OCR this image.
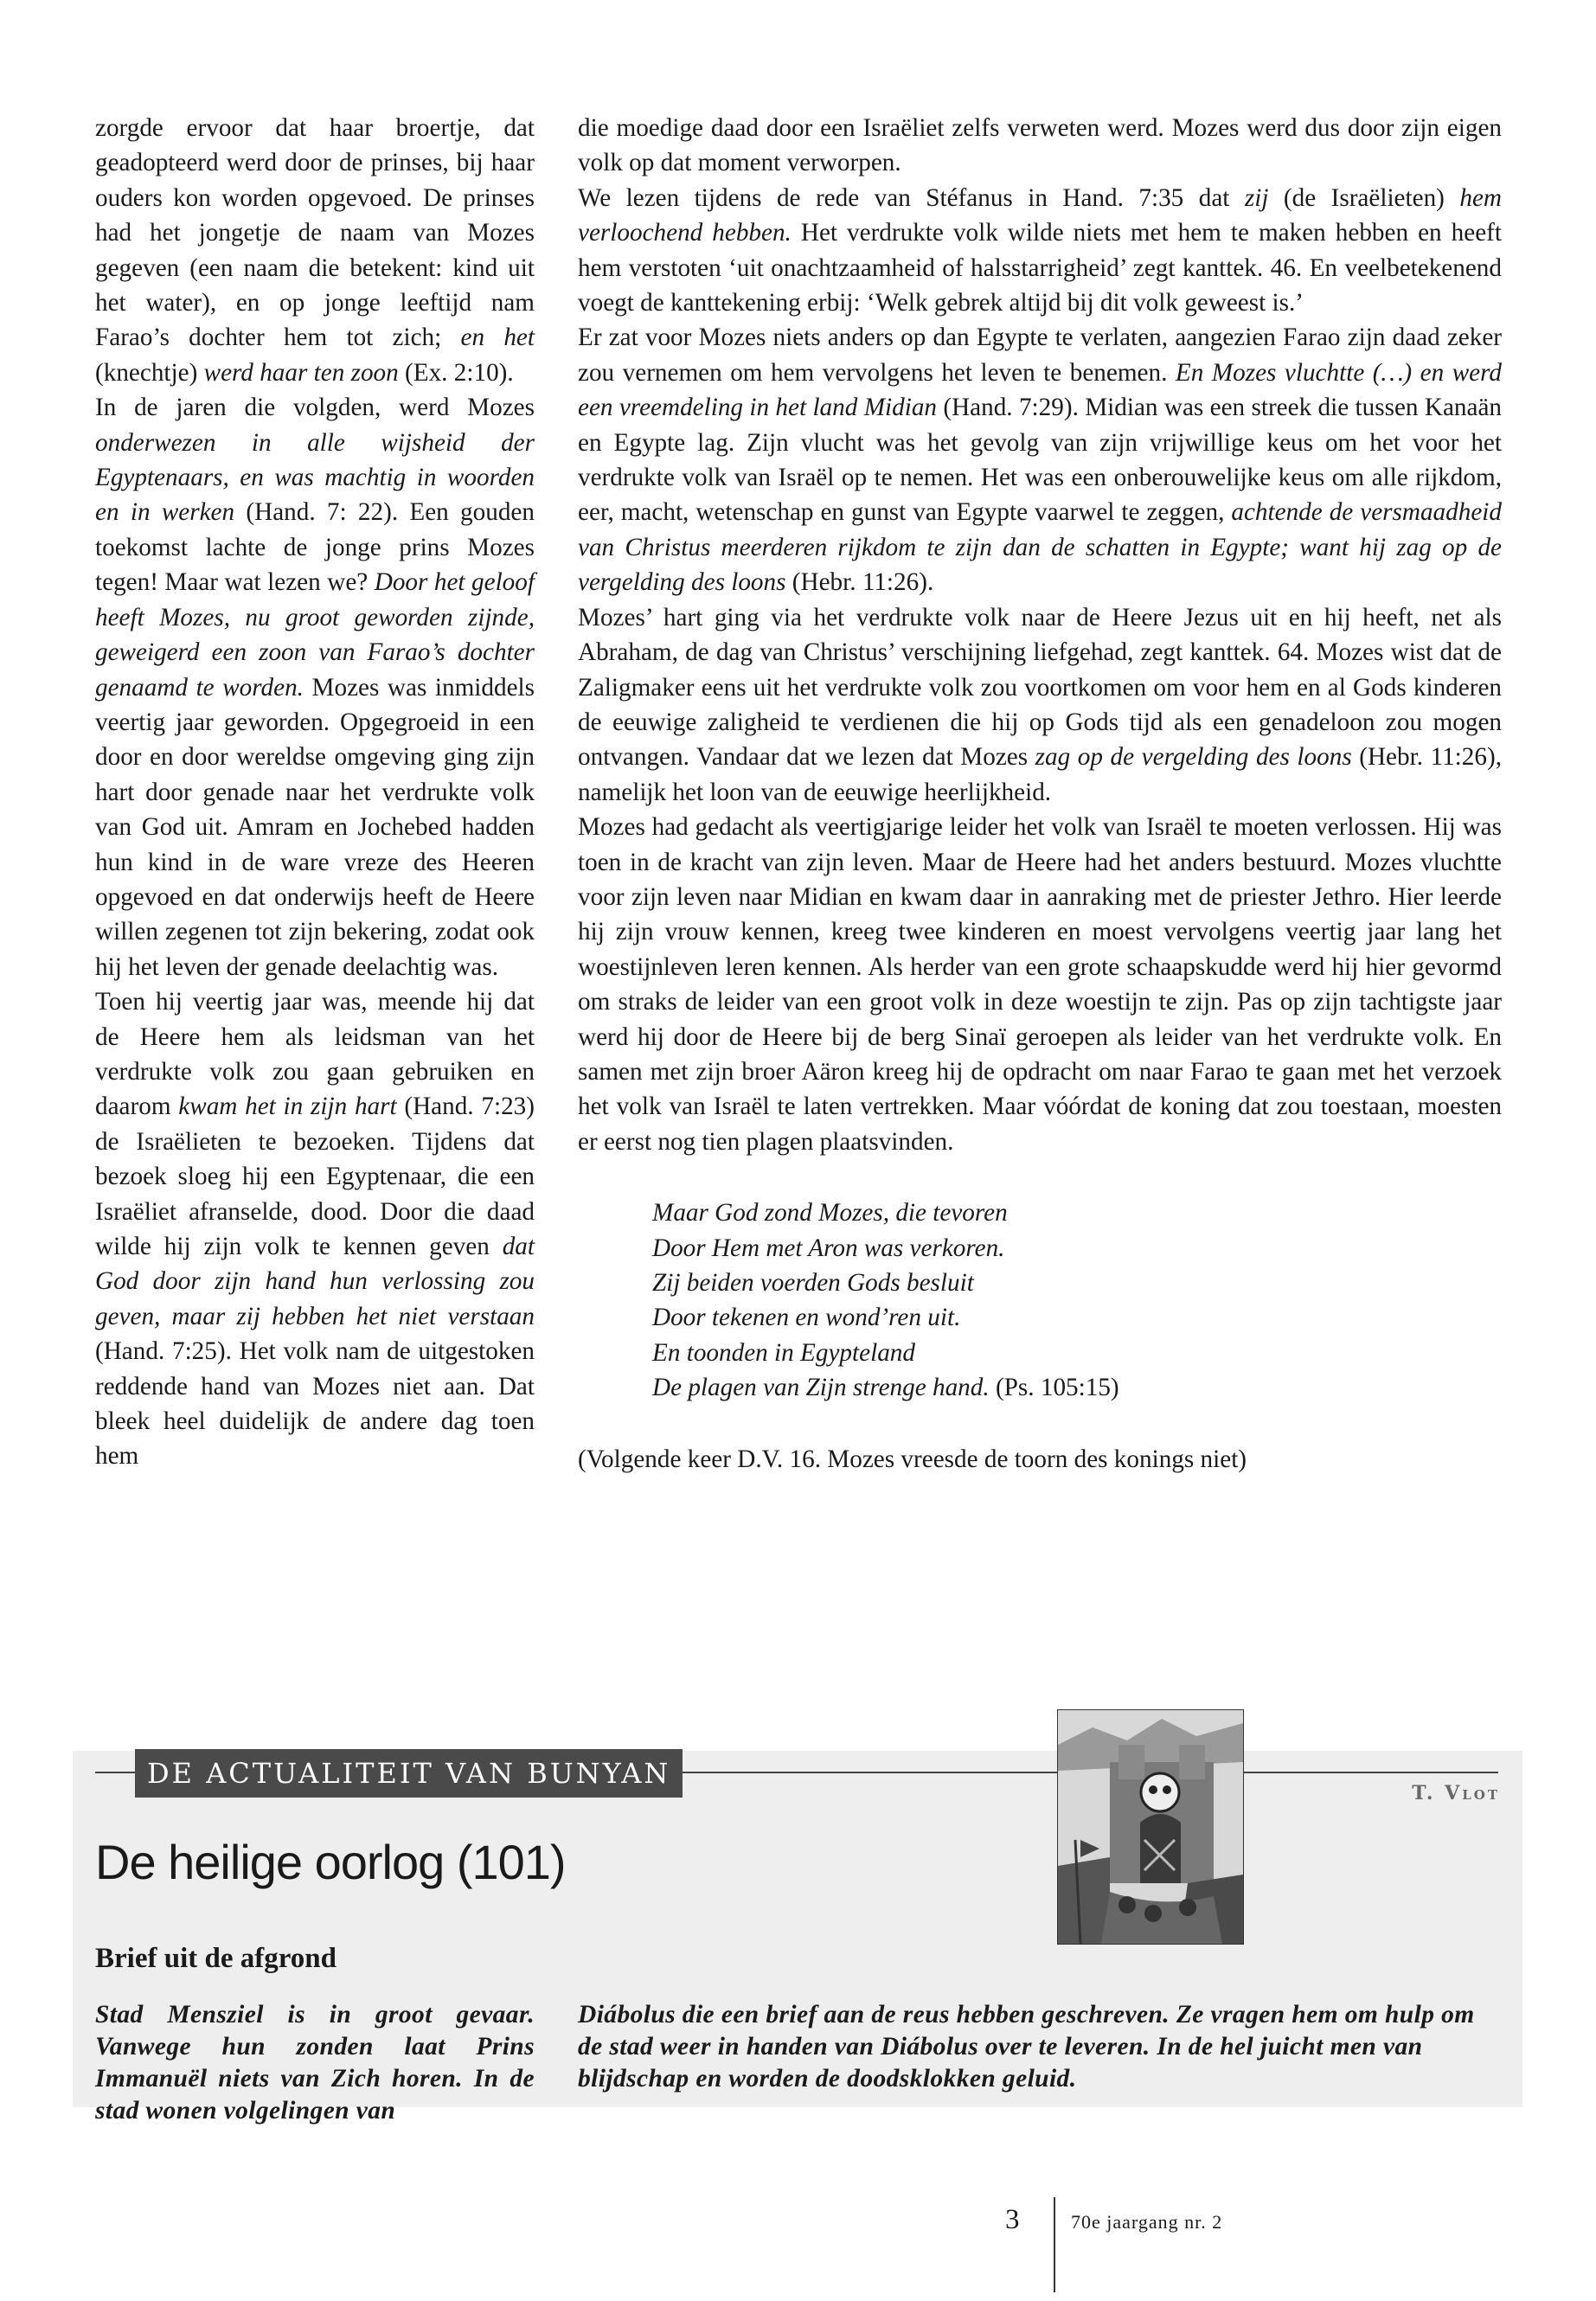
zorgde ervoor dat haar broertje, dat geadopteerd werd door de prinses, bij haar ouders kon worden opgevoed. De prinses had het jongetje de naam van Mozes gegeven (een naam die betekent: kind uit het water), en op jonge leeftijd nam Farao’s dochter hem tot zich; en het (knechtje) werd haar ten zoon (Ex. 2:10).

In de jaren die volgden, werd Mozes onderwezen in alle wijsheid der Egyptenaars, en was machtig in woorden en in werken (Hand. 7: 22). Een gouden toekomst lachte de jonge prins Mozes tegen! Maar wat lezen we? Door het geloof heeft Mozes, nu groot geworden zijnde, geweigerd een zoon van Farao’s dochter genaamd te worden. Mozes was inmiddels veertig jaar geworden. Opgegroeid in een door en door wereldse omgeving ging zijn hart door genade naar het verdrukte volk van God uit. Amram en Jochebed hadden hun kind in de ware vreze des Heeren opgevoed en dat onderwijs heeft de Heere willen zegenen tot zijn bekering, zodat ook hij het leven der genade deelachtig was.

Toen hij veertig jaar was, meende hij dat de Heere hem als leidsman van het verdrukte volk zou gaan gebruiken en daarom kwam het in zijn hart (Hand. 7:23) de Israëlieten te bezoeken. Tijdens dat bezoek sloeg hij een Egyptenaar, die een Israëliet afranselde, dood. Door die daad wilde hij zijn volk te kennen geven dat God door zijn hand hun verlossing zou geven, maar zij hebben het niet verstaan (Hand. 7:25). Het volk nam de uitgestoken reddende hand van Mozes niet aan. Dat bleek heel duidelijk de andere dag toen hem

die moedige daad door een Israëliet zelfs verweten werd. Mozes werd dus door zijn eigen volk op dat moment verworpen.

We lezen tijdens de rede van Stéfanus in Hand. 7:35 dat zij (de Israëlieten) hem verloochend hebben. Het verdrukte volk wilde niets met hem te maken hebben en heeft hem verstoten ‘uit onachtzaamheid of halsstarrigheid’ zegt kanttek. 46. En veelbetekenend voegt de kanttekening erbij: ‘Welk gebrek altijd bij dit volk geweest is.’

Er zat voor Mozes niets anders op dan Egypte te verlaten, aangezien Farao zijn daad zeker zou vernemen om hem vervolgens het leven te benemen. En Mozes vluchtte (…) en werd een vreemdeling in het land Midian (Hand. 7:29). Midian was een streek die tussen Kanaän en Egypte lag. Zijn vlucht was het gevolg van zijn vrijwillige keus om het voor het verdrukte volk van Israël op te nemen. Het was een onberouwelijke keus om alle rijkdom, eer, macht, wetenschap en gunst van Egypte vaarwel te zeggen, achtende de versmaadheid van Christus meerderen rijkdom te zijn dan de schatten in Egypte; want hij zag op de vergelding des loons (Hebr. 11:26).

Mozes’ hart ging via het verdrukte volk naar de Heere Jezus uit en hij heeft, net als Abraham, de dag van Christus’ verschijning liefgehad, zegt kanttek. 64. Mozes wist dat de Zaligmaker eens uit het verdrukte volk zou voortkomen om voor hem en al Gods kinderen de eeuwige zaligheid te verdienen die hij op Gods tijd als een genadeloon zou mogen ontvangen. Vandaar dat we lezen dat Mozes zag op de vergelding des loons (Hebr. 11:26), namelijk het loon van de eeuwige heerlijkheid.

Mozes had gedacht als veertigjarige leider het volk van Israël te moeten verlossen. Hij was toen in de kracht van zijn leven. Maar de Heere had het anders bestuurd. Mozes vluchtte voor zijn leven naar Midian en kwam daar in aanraking met de priester Jethro. Hier leerde hij zijn vrouw kennen, kreeg twee kinderen en moest vervolgens veertig jaar lang het woestijnleven leren kennen. Als herder van een grote schaapskudde werd hij hier gevormd om straks de leider van een groot volk in deze woestijn te zijn. Pas op zijn tachtigste jaar werd hij door de Heere bij de berg Sinaï geroepen als leider van het verdrukte volk. En samen met zijn broer Aäron kreeg hij de opdracht om naar Farao te gaan met het verzoek het volk van Israël te laten vertrekken. Maar vóórdat de koning dat zou toestaan, moesten er eerst nog tien plagen plaatsvinden.

Maar God zond Mozes, die tevoren
Door Hem met Aron was verkoren.
Zij beiden voerden Gods besluit
Door tekenen en wond’ren uit.
En toonden in Egypteland
De plagen van Zijn strenge hand. (Ps. 105:15)

(Volgende keer D.V. 16. Mozes vreesde de toorn des konings niet)

DE ACTUALITEIT VAN BUNYAN
T. Vlot
De heilige oorlog (101)
Brief uit de afgrond
Stad Mensziel is in groot gevaar. Vanwege hun zonden laat Prins Immanuël niets van Zich horen. In de stad wonen volgelingen van
Diábolus die een brief aan de reus hebben geschreven. Ze vragen hem om hulp om de stad weer in handen van Diábolus over te leveren. In de hel juicht men van blijdschap en worden de doodsklokken geluid.
3	70e jaargang nr. 2
